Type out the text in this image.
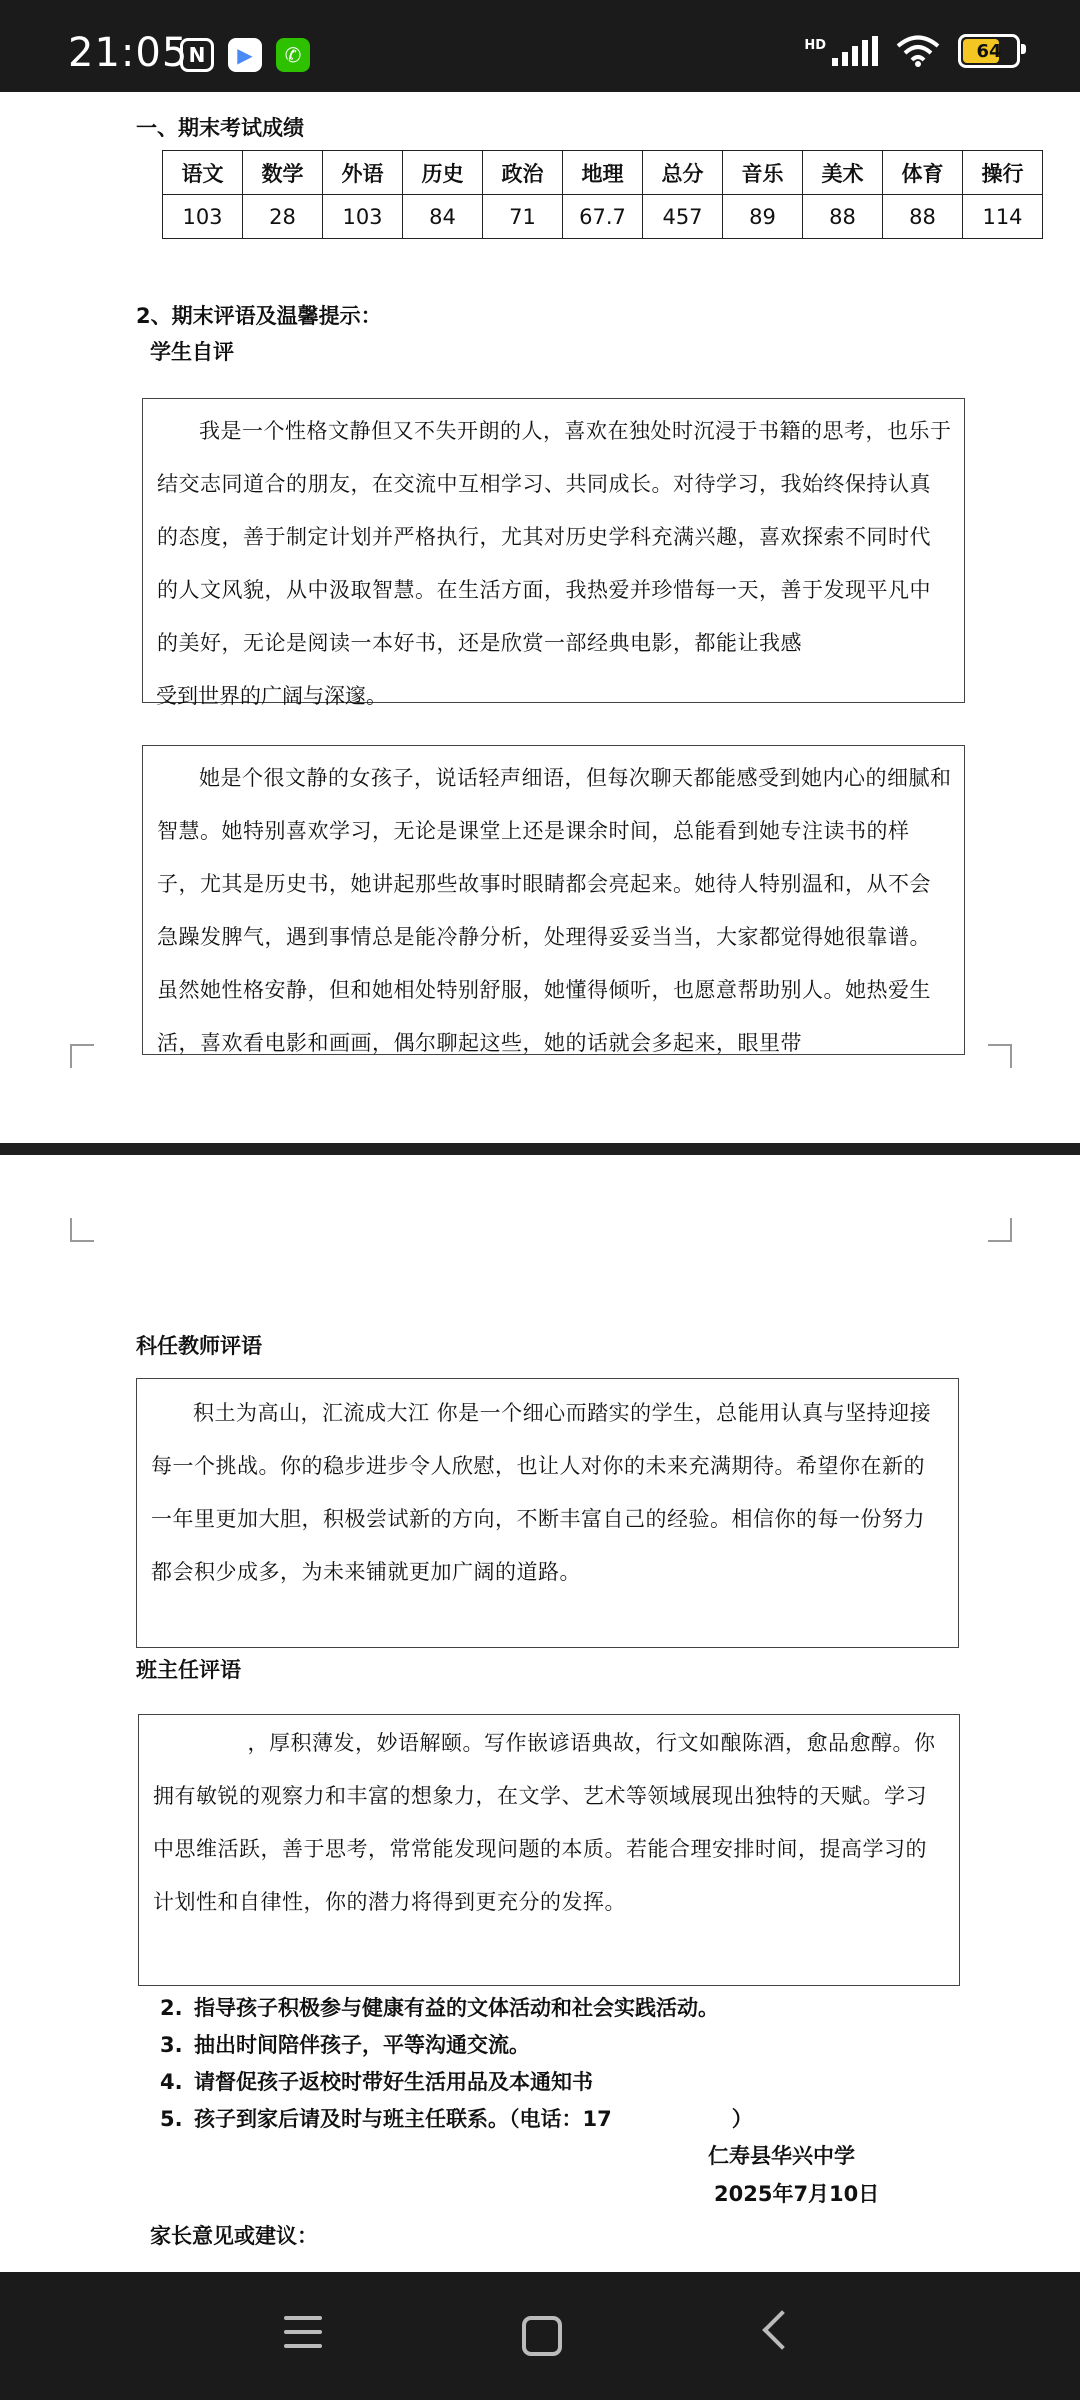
21:05 N	▶	✆	HD	64
一、期末考试成绩
语文	数学	外语	历史	政治	地理	总分	音乐	美术	体育	操行
103	28	103	84	71	67.7	457	89	88	88	114
2、期末评语及温馨提示：
学生自评
我是一个性格文静但又不失开朗的人，喜欢在独处时沉浸于书籍的思考，也乐于结交志同道合的朋友，在交流中互相学习、共同成长。对待学习，我始终保持认真的态度，善于制定计划并严格执行，尤其对历史学科充满兴趣，喜欢探索不同时代的人文风貌，从中汲取智慧。在生活方面，我热爱并珍惜每一天，善于发现平凡中的美好，无论是阅读一本好书，还是欣赏一部经典电影，都能让我感
受到世界的广阔与深邃。
她是个很文静的女孩子，说话轻声细语，但每次聊天都能感受到她内心的细腻和智慧。她特别喜欢学习，无论是课堂上还是课余时间，总能看到她专注读书的样子，尤其是历史书，她讲起那些故事时眼睛都会亮起来。她待人特别温和，从不会急躁发脾气，遇到事情总是能冷静分析，处理得妥妥当当，大家都觉得她很靠谱。虽然她性格安静，但和她相处特别舒服，她懂得倾听，也愿意帮助别人。她热爱生活，喜欢看电影和画画，偶尔聊起这些，她的话就会多起来，眼里带
科任教师评语
积土为高山，汇流成大江 你是一个细心而踏实的学生，总能用认真与坚持迎接每一个挑战。你的稳步进步令人欣慰，也让人对你的未来充满期待。希望你在新的一年里更加大胆，积极尝试新的方向，不断丰富自己的经验。相信你的每一份努力都会积少成多，为未来铺就更加广阔的道路。
班主任评语
，厚积薄发，妙语解颐。写作嵌谚语典故，行文如酿陈酒，愈品愈醇。你拥有敏锐的观察力和丰富的想象力，在文学、艺术等领域展现出独特的天赋。学习中思维活跃，善于思考，常常能发现问题的本质。若能合理安排时间，提高学习的计划性和自律性，你的潜力将得到更充分的发挥。
2. 指导孩子积极参与健康有益的文体活动和社会实践活动。
3. 抽出时间陪伴孩子，平等沟通交流。
4. 请督促孩子返校时带好生活用品及本通知书
5. 孩子到家后请及时与班主任联系。（电话：17	）
仁寿县华兴中学
2025年7月10日
家长意见或建议：
